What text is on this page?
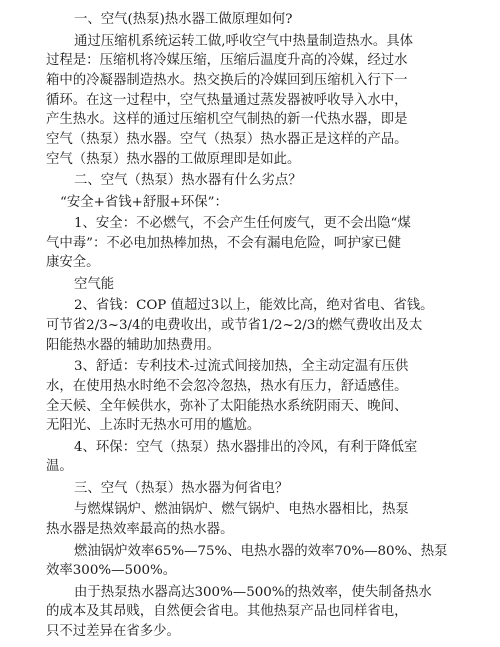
一、空气(热泵)热水器工做原理如何?
通过压缩机系统运转工做,呼收空气中热量制造热水。具体
过程是：压缩机将冷媒压缩，压缩后温度升高的冷媒，经过水
箱中的冷凝器制造热水。热交换后的冷媒回到压缩机入行下一
循环。在这一过程中，空气热量通过蒸发器被呼收导入水中，
产生热水。这样的通过压缩机空气制热的新一代热水器，即是
空气（热泵）热水器。空气（热泵）热水器正是这样的产品。
空气（热泵）热水器的工做原理即是如此。
二、空气（热泵）热水器有什么劣点？
“安全+省钱+舒服+环保”：
1、安全：不必燃气，不会产生任何废气，更不会出隐“煤
气中毒”：不必电加热棒加热，不会有漏电危险，呵护家已健
康安全。
空气能
2、省钱：COP 值超过3以上，能效比高，绝对省电、省钱。
可节省2/3~3/4的电费收出，或节省1/2~2/3的燃气费收出及太
阳能热水器的辅助加热费用。
3、舒适：专利技术-过流式间接加热，全主动定温有压供
水，在使用热水时绝不会忽冷忽热，热水有压力，舒适感佳。
全天候、全年候供水，弥补了太阳能热水系统阴雨天、晚间、
无阳光、上冻时无热水可用的尴尬。
4、环保：空气（热泵）热水器排出的冷风，有利于降低室
温。
三、空气（热泵）热水器为何省电？
与燃煤锅炉、燃油锅炉、燃气锅炉、电热水器相比，热泵
热水器是热效率最高的热水器。
燃油锅炉效率65%—75%、电热水器的效率70%—80%、热泵
效率300%—500%。
由于热泵热水器高达300%—500%的热效率，使失制备热水
的成本及其昂贱，自然便会省电。其他热泵产品也同样省电，
只不过差异在省多少。
